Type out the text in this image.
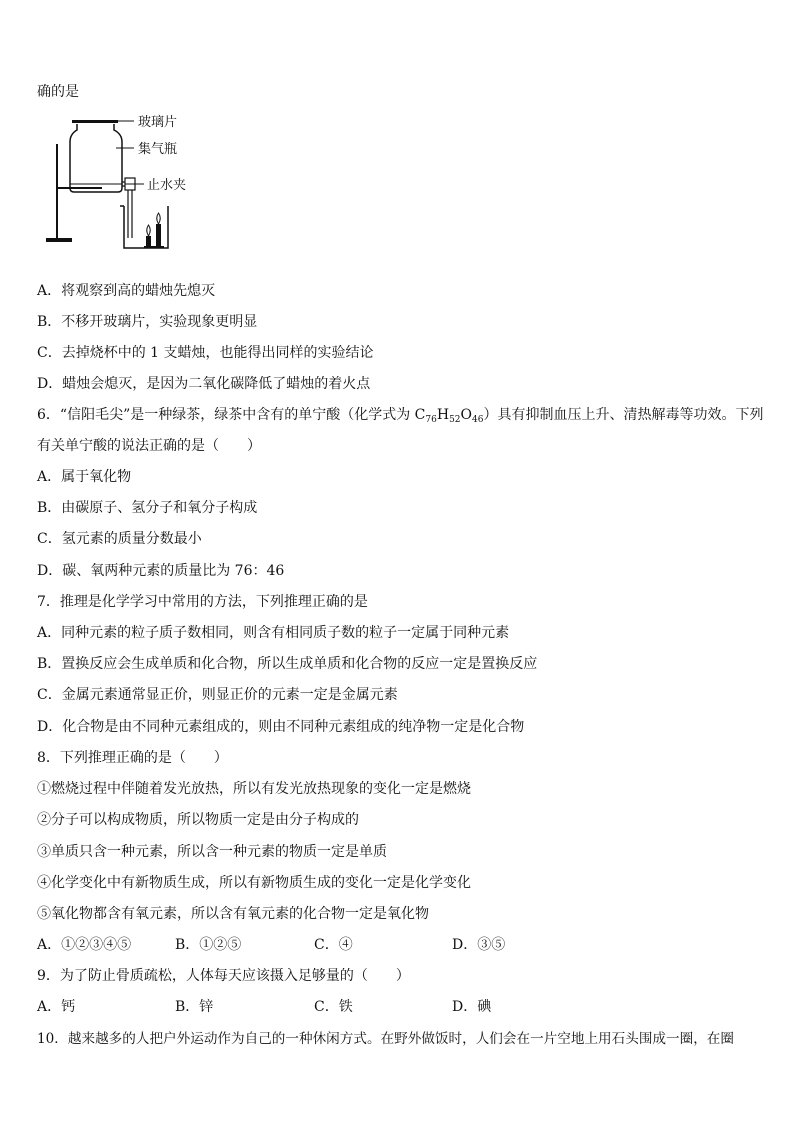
确的是
玻璃片
集气瓶
止水夹
A．将观察到高的蜡烛先熄灭
B．不移开玻璃片，实验现象更明显
C．去掉烧杯中的 1 支蜡烛，也能得出同样的实验结论
D．蜡烛会熄灭，是因为二氧化碳降低了蜡烛的着火点
6．“信阳毛尖”是一种绿茶，绿茶中含有的单宁酸（化学式为 $C_{76}H_{52}O_{46}$）具有抑制血压上升、清热解毒等功效。下列
有关单宁酸的说法正确的是（　　）
A．属于氧化物
B．由碳原子、氢分子和氧分子构成
C．氢元素的质量分数最小
D．碳、氧两种元素的质量比为 76：46
7．推理是化学学习中常用的方法，下列推理正确的是
A．同种元素的粒子质子数相同，则含有相同质子数的粒子一定属于同种元素
B．置换反应会生成单质和化合物，所以生成单质和化合物的反应一定是置换反应
C．金属元素通常显正价，则显正价的元素一定是金属元素
D．化合物是由不同种元素组成的，则由不同种元素组成的纯净物一定是化合物
8．下列推理正确的是（　　）
①燃烧过程中伴随着发光放热，所以有发光放热现象的变化一定是燃烧
②分子可以构成物质，所以物质一定是由分子构成的
③单质只含一种元素，所以含一种元素的物质一定是单质
④化学变化中有新物质生成，所以有新物质生成的变化一定是化学变化
⑤氧化物都含有氧元素，所以含有氧元素的化合物一定是氧化物
A．①②③④⑤	B．①②⑤	C．④	D．③⑤
9．为了防止骨质疏松，人体每天应该摄入足够量的（　　）
A．钙	B．锌	C．铁	D．碘
10．越来越多的人把户外运动作为自己的一种休闲方式。在野外做饭时，人们会在一片空地上用石头围成一圈，在圈
